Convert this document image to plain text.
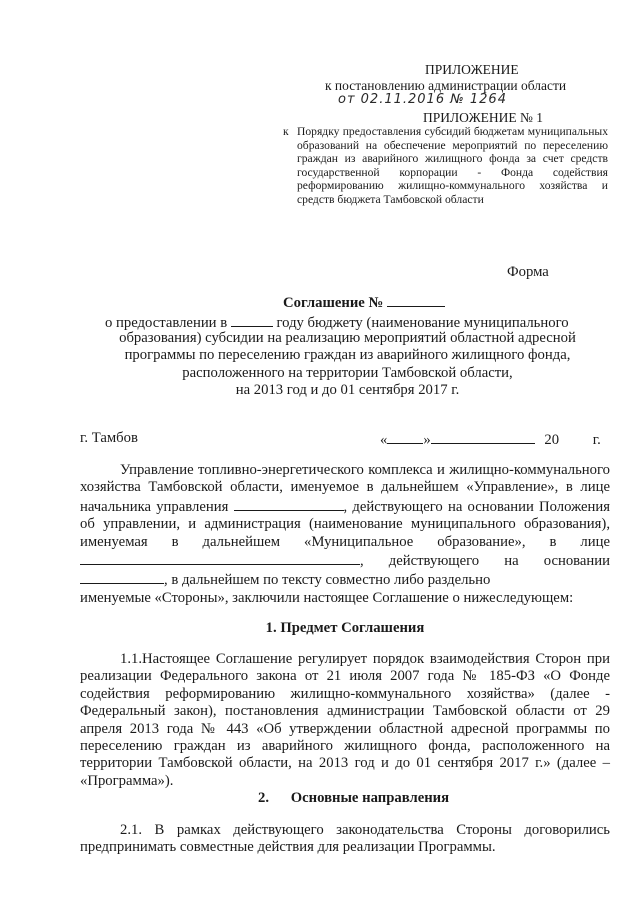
ПРИЛОЖЕНИЕ
к постановлению администрации области
от 02.11.2016 № 1264
ПРИЛОЖЕНИЕ № 1
к Порядку предоставления субсидий бюджетам муниципальных образований на обеспечение мероприятий по переселению граждан из аварийного жилищного фонда за счет средств государственной корпорации - Фонда содействия реформированию жилищно-коммунального хозяйства и средств бюджета Тамбовской области
Форма
Соглашение №
о предоставлении в	году бюджету (наименование муниципального
образования) субсидии на реализацию мероприятий областной адресной
программы по переселению граждан из аварийного жилищного фонда,
расположенного на территории Тамбовской области,
на 2013 год и до 01 сентября 2017 г.
г. Тамбов	« »	20 г.
Управление топливно-энергетического комплекса и жилищно-коммунального хозяйства Тамбовской области, именуемое в дальнейшем «Управление», в лице начальника управления	, действующего на основании Положения об управлении, и администрация (наименование муниципального образования), именуемая в дальнейшем «Муниципальное образование», в лице , действующего на основании , в дальнейшем по тексту совместно либо раздельно
именуемые «Стороны», заключили настоящее Соглашение о нижеследующем:
1. Предмет Соглашения
1.1.Настоящее Соглашение регулирует порядок взаимодействия Сторон при реализации Федерального закона от 21 июля 2007 года № 185-ФЗ «О Фонде содействия реформированию жилищно-коммунального хозяйства» (далее - Федеральный закон), постановления администрации Тамбовской области от 29 апреля 2013 года № 443 «Об утверждении областной адресной программы по переселению граждан из аварийного жилищного фонда, расположенного на территории Тамбовской области, на 2013 год и до 01 сентября 2017 г.» (далее – «Программа»).
2. Основные направления
2.1. В рамках действующего законодательства Стороны договорились предпринимать совместные действия для реализации Программы.
